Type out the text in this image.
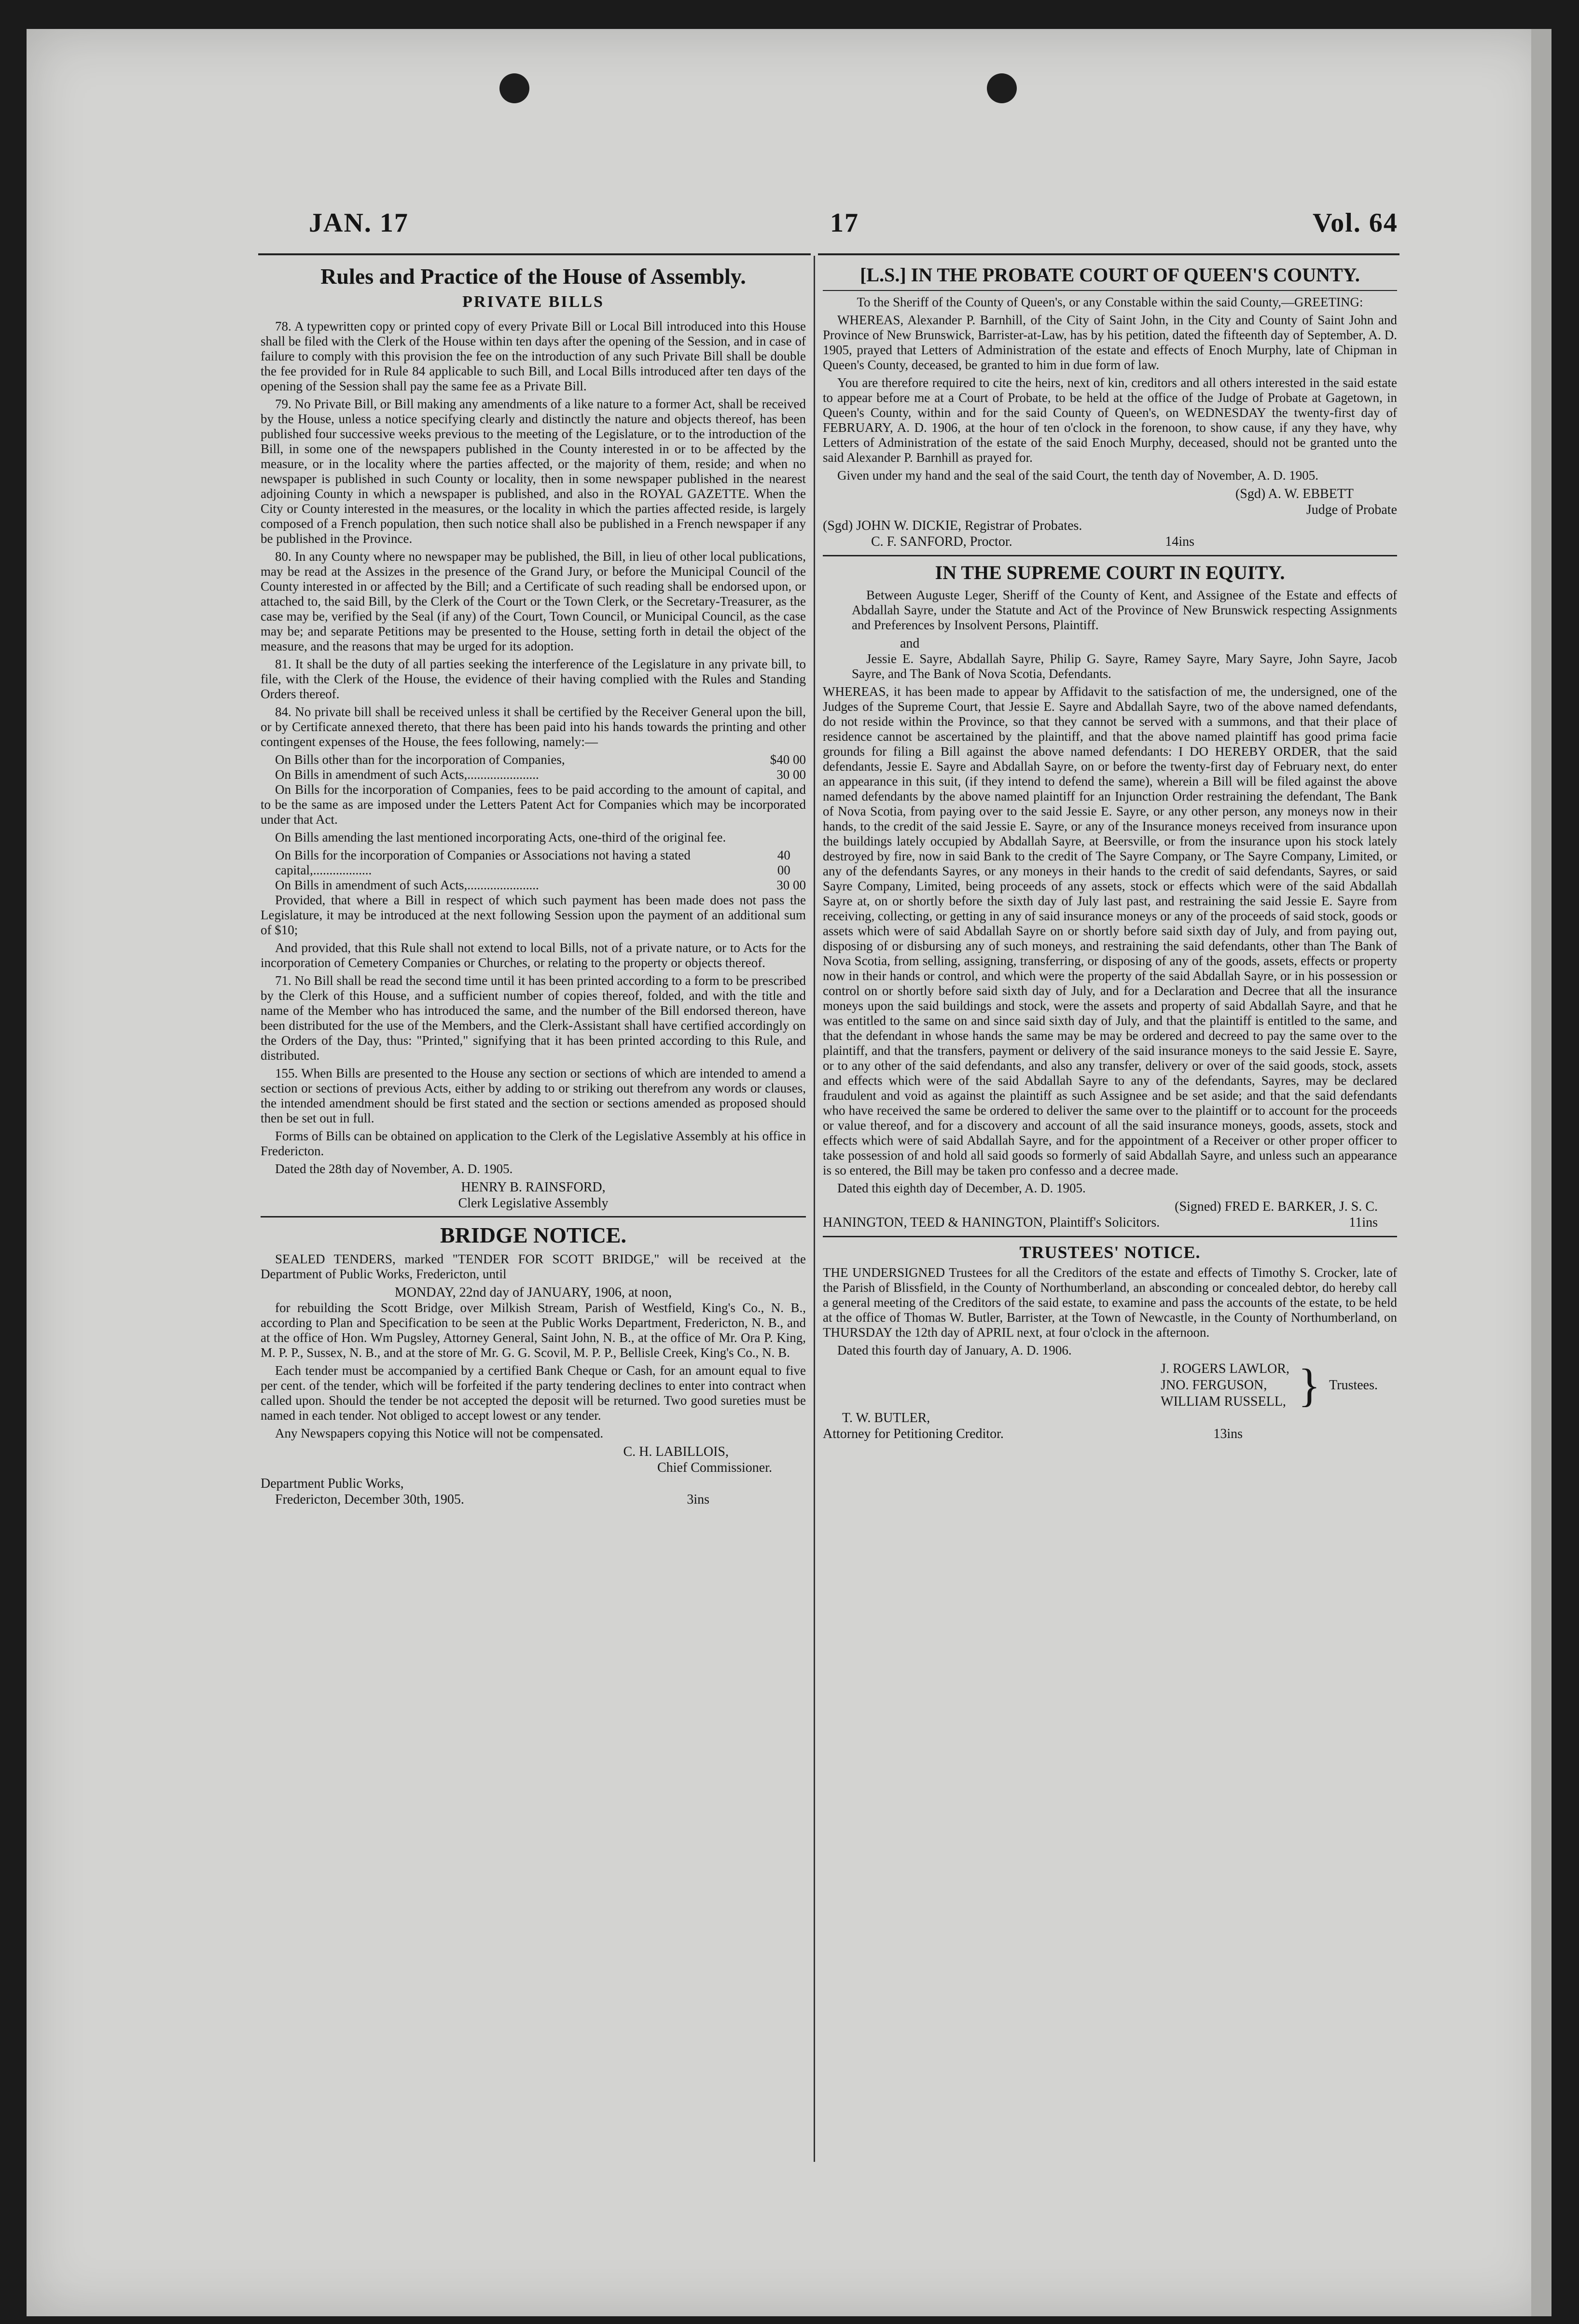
JAN. 17	17	Vol. 64
Rules and Practice of the House of Assembly.
PRIVATE BILLS

78. A typewritten copy or printed copy of every Private Bill or Local Bill introduced into this House shall be filed with the Clerk of the House within ten days after the opening of the Session, and in case of failure to comply with this provision the fee on the introduction of any such Private Bill shall be double the fee provided for in Rule 84 applicable to such Bill, and Local Bills introduced after ten days of the opening of the Session shall pay the same fee as a Private Bill.

79. No Private Bill, or Bill making any amendments of a like nature to a former Act, shall be received by the House, unless a notice specifying clearly and distinctly the nature and objects thereof, has been published four successive weeks previous to the meeting of the Legislature, or to the introduction of the Bill, in some one of the newspapers published in the County interested in or to be affected by the measure, or in the locality where the parties affected, or the majority of them, reside; and when no newspaper is published in such County or locality, then in some newspaper published in the nearest adjoining County in which a newspaper is published, and also in the ROYAL GAZETTE. When the City or County interested in the measures, or the locality in which the parties affected reside, is largely composed of a French population, then such notice shall also be published in a French newspaper if any be published in the Province.

80. In any County where no newspaper may be published, the Bill, in lieu of other local publications, may be read at the Assizes in the presence of the Grand Jury, or before the Municipal Council of the County interested in or affected by the Bill; and a Certificate of such reading shall be endorsed upon, or attached to, the said Bill, by the Clerk of the Court or the Town Clerk, or the Secretary-Treasurer, as the case may be, verified by the Seal (if any) of the Court, Town Council, or Municipal Council, as the case may be; and separate Petitions may be presented to the House, setting forth in detail the object of the measure, and the reasons that may be urged for its adoption.

81. It shall be the duty of all parties seeking the interference of the Legislature in any private bill, to file, with the Clerk of the House, the evidence of their having complied with the Rules and Standing Orders thereof.

84. No private bill shall be received unless it shall be certified by the Receiver General upon the bill, or by Certificate annexed thereto, that there has been paid into his hands towards the printing and other contingent expenses of the House, the fees following, namely:—

On Bills other than for the incorporation of Companies,	$40 00
On Bills in amendment of such Acts,......................	30 00

On Bills for the incorporation of Companies, fees to be paid according to the amount of capital, and to be the same as are imposed under the Letters Patent Act for Companies which may be incorporated under that Act.

On Bills amending the last mentioned incorporating Acts, one-third of the original fee.

On Bills for the incorporation of Companies or Associations not having a stated capital,..................
40 00
On Bills in amendment of such Acts,......................	30 00

Provided, that where a Bill in respect of which such payment has been made does not pass the Legislature, it may be introduced at the next following Session upon the payment of an additional sum of $10;

And provided, that this Rule shall not extend to local Bills, not of a private nature, or to Acts for the incorporation of Cemetery Companies or Churches, or relating to the property or objects thereof.

71. No Bill shall be read the second time until it has been printed according to a form to be prescribed by the Clerk of this House, and a sufficient number of copies thereof, folded, and with the title and name of the Member who has introduced the same, and the number of the Bill endorsed thereon, have been distributed for the use of the Members, and the Clerk-Assistant shall have certified accordingly on the Orders of the Day, thus: "Printed," signifying that it has been printed according to this Rule, and distributed.

155. When Bills are presented to the House any section or sections of which are intended to amend a section or sections of previous Acts, either by adding to or striking out therefrom any words or clauses, the intended amendment should be first stated and the section or sections amended as proposed should then be set out in full.

Forms of Bills can be obtained on application to the Clerk of the Legislative Assembly at his office in Fredericton.

Dated the 28th day of November, A. D. 1905.

HENRY B. RAINSFORD,
Clerk Legislative Assembly
BRIDGE NOTICE.

SEALED TENDERS, marked "TENDER FOR SCOTT BRIDGE," will be received at the Department of Public Works, Fredericton, until

MONDAY, 22nd day of JANUARY, 1906, at noon,

for rebuilding the Scott Bridge, over Milkish Stream, Parish of Westfield, King's Co., N. B., according to Plan and Specification to be seen at the Public Works Department, Fredericton, N. B., and at the office of Hon. Wm Pugsley, Attorney General, Saint John, N. B., at the office of Mr. Ora P. King, M. P. P., Sussex, N. B., and at the store of Mr. G. G. Scovil, M. P. P., Bellisle Creek, King's Co., N. B.

Each tender must be accompanied by a certified Bank Cheque or Cash, for an amount equal to five per cent. of the tender, which will be forfeited if the party tendering declines to enter into contract when called upon. Should the tender be not accepted the deposit will be returned. Two good sureties must be named in each tender. Not obliged to accept lowest or any tender.

Any Newspapers copying this Notice will not be compensated.

C. H. LABILLOIS,
Chief Commissioner.
Department Public Works,
Fredericton, December 30th, 1905.	3ins
[L.S.] IN THE PROBATE COURT OF QUEEN'S COUNTY.

To the Sheriff of the County of Queen's, or any Constable within the said County,—GREETING:

WHEREAS, Alexander P. Barnhill, of the City of Saint John, in the City and County of Saint John and Province of New Brunswick, Barrister-at-Law, has by his petition, dated the fifteenth day of September, A. D. 1905, prayed that Letters of Administration of the estate and effects of Enoch Murphy, late of Chipman in Queen's County, deceased, be granted to him in due form of law.

You are therefore required to cite the heirs, next of kin, creditors and all others interested in the said estate to appear before me at a Court of Probate, to be held at the office of the Judge of Probate at Gagetown, in Queen's County, within and for the said County of Queen's, on WEDNESDAY the twenty-first day of FEBRUARY, A. D. 1906, at the hour of ten o'clock in the forenoon, to show cause, if any they have, why Letters of Administration of the estate of the said Enoch Murphy, deceased, should not be granted unto the said Alexander P. Barnhill as prayed for.

Given under my hand and the seal of the said Court, the tenth day of November, A. D. 1905.

(Sgd) A. W. EBBETT
Judge of Probate
(Sgd) JOHN W. DICKIE, Registrar of Probates.
C. F. SANFORD, Proctor.	14ins
IN THE SUPREME COURT IN EQUITY.

Between Auguste Leger, Sheriff of the County of Kent, and Assignee of the Estate and effects of Abdallah Sayre, under the Statute and Act of the Province of New Brunswick respecting Assignments and Preferences by Insolvent Persons, Plaintiff.

and

Jessie E. Sayre, Abdallah Sayre, Philip G. Sayre, Ramey Sayre, Mary Sayre, John Sayre, Jacob Sayre, and The Bank of Nova Scotia, Defendants.

WHEREAS, it has been made to appear by Affidavit to the satisfaction of me, the undersigned, one of the Judges of the Supreme Court, that Jessie E. Sayre and Abdallah Sayre, two of the above named defendants, do not reside within the Province, so that they cannot be served with a summons, and that their place of residence cannot be ascertained by the plaintiff, and that the above named plaintiff has good prima facie grounds for filing a Bill against the above named defendants: I DO HEREBY ORDER, that the said defendants, Jessie E. Sayre and Abdallah Sayre, on or before the twenty-first day of February next, do enter an appearance in this suit, (if they intend to defend the same), wherein a Bill will be filed against the above named defendants by the above named plaintiff for an Injunction Order restraining the defendant, The Bank of Nova Scotia, from paying over to the said Jessie E. Sayre, or any other person, any moneys now in their hands, to the credit of the said Jessie E. Sayre, or any of the Insurance moneys received from insurance upon the buildings lately occupied by Abdallah Sayre, at Beersville, or from the insurance upon his stock lately destroyed by fire, now in said Bank to the credit of The Sayre Company, or The Sayre Company, Limited, or any of the defendants Sayres, or any moneys in their hands to the credit of said defendants, Sayres, or said Sayre Company, Limited, being proceeds of any assets, stock or effects which were of the said Abdallah Sayre at, on or shortly before the sixth day of July last past, and restraining the said Jessie E. Sayre from receiving, collecting, or getting in any of said insurance moneys or any of the proceeds of said stock, goods or assets which were of said Abdallah Sayre on or shortly before said sixth day of July, and from paying out, disposing of or disbursing any of such moneys, and restraining the said defendants, other than The Bank of Nova Scotia, from selling, assigning, transferring, or disposing of any of the goods, assets, effects or property now in their hands or control, and which were the property of the said Abdallah Sayre, or in his possession or control on or shortly before said sixth day of July, and for a Declaration and Decree that all the insurance moneys upon the said buildings and stock, were the assets and property of said Abdallah Sayre, and that he was entitled to the same on and since said sixth day of July, and that the plaintiff is entitled to the same, and that the defendant in whose hands the same may be may be ordered and decreed to pay the same over to the plaintiff, and that the transfers, payment or delivery of the said insurance moneys to the said Jessie E. Sayre, or to any other of the said defendants, and also any transfer, delivery or over of the said goods, stock, assets and effects which were of the said Abdallah Sayre to any of the defendants, Sayres, may be declared fraudulent and void as against the plaintiff as such Assignee and be set aside; and that the said defendants who have received the same be ordered to deliver the same over to the plaintiff or to account for the proceeds or value thereof, and for a discovery and account of all the said insurance moneys, goods, assets, stock and effects which were of said Abdallah Sayre, and for the appointment of a Receiver or other proper officer to take possession of and hold all said goods so formerly of said Abdallah Sayre, and unless such an appearance is so entered, the Bill may be taken pro confesso and a decree made.

Dated this eighth day of December, A. D. 1905.

(Signed) FRED E. BARKER, J. S. C.
HANINGTON, TEED & HANINGTON, Plaintiff's Solicitors.	11ins
TRUSTEES' NOTICE.

THE UNDERSIGNED Trustees for all the Creditors of the estate and effects of Timothy S. Crocker, late of the Parish of Blissfield, in the County of Northumberland, an absconding or concealed debtor, do hereby call a general meeting of the Creditors of the said estate, to examine and pass the accounts of the estate, to be held at the office of Thomas W. Butler, Barrister, at the Town of Newcastle, in the County of Northumberland, on THURSDAY the 12th day of APRIL next, at four o'clock in the afternoon.

Dated this fourth day of January, A. D. 1906.

J. ROGERS LAWLOR,
JNO. FERGUSON,
WILLIAM RUSSELL, } Trustees.
T. W. BUTLER,
Attorney for Petitioning Creditor.	13ins
